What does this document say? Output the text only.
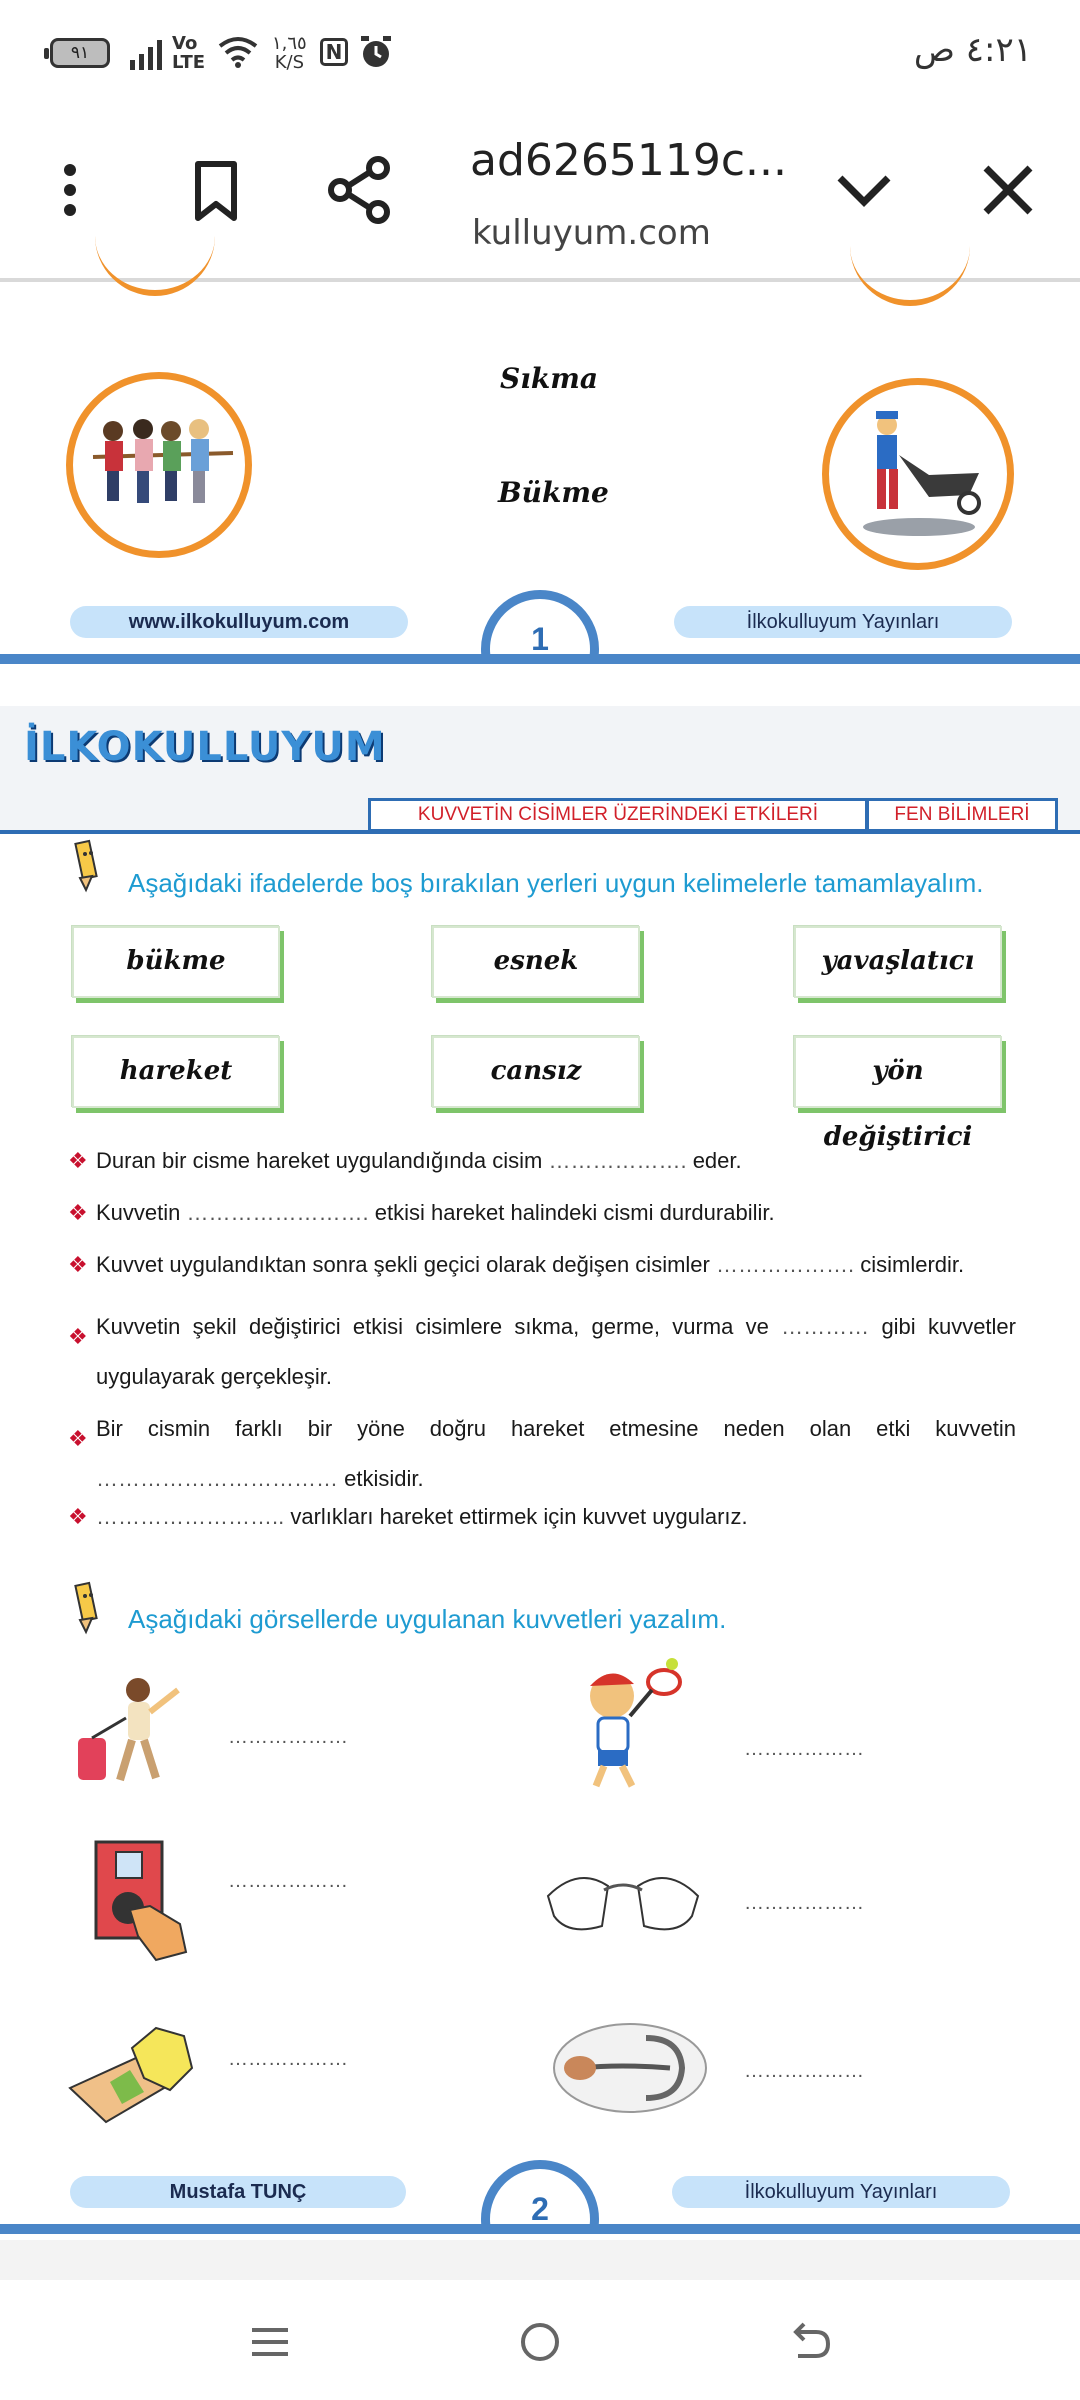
٩١	Vo LTE
١,٦٥
K/S N	٤:٢١ ص
ad6265119c...
kulluyum.com
Sıkma
Bükme
www.ilkokulluyum.com	İlkokulluyum Yayınları
1
İLKOKULLUYUM
KUVVETİN CİSİMLER ÜZERİNDEKİ ETKİLERİ	FEN BİLİMLERİ
Aşağıdaki ifadelerde boş bırakılan yerleri uygun kelimelerle tamamlayalım.
bükme	esnek	yavaşlatıcı
hareket	cansız	yön değiştirici
❖ Duran bir cisme hareket uygulandığında cisim ………………. eder.
❖ Kuvvetin ……………………. etkisi hareket halindeki cismi durdurabilir.
❖ Kuvvet uygulandıktan sonra şekli geçici olarak değişen cisimler ………………. cisimlerdir.
❖ Kuvvetin şekil değiştirici etkisi cisimlere sıkma, germe, vurma ve ………… gibi kuvvetler uygulayarak gerçekleşir.
❖ Bir cismin farklı bir yöne doğru hareket etmesine neden olan etki kuvvetin …………………………… etkisidir.
❖ …………………….. varlıkları hareket ettirmek için kuvvet uygularız.
Aşağıdaki görsellerde uygulanan kuvvetleri yazalım.
………………
………………
………………
………………
………………
………………
Mustafa TUNÇ	İlkokulluyum Yayınları
2
